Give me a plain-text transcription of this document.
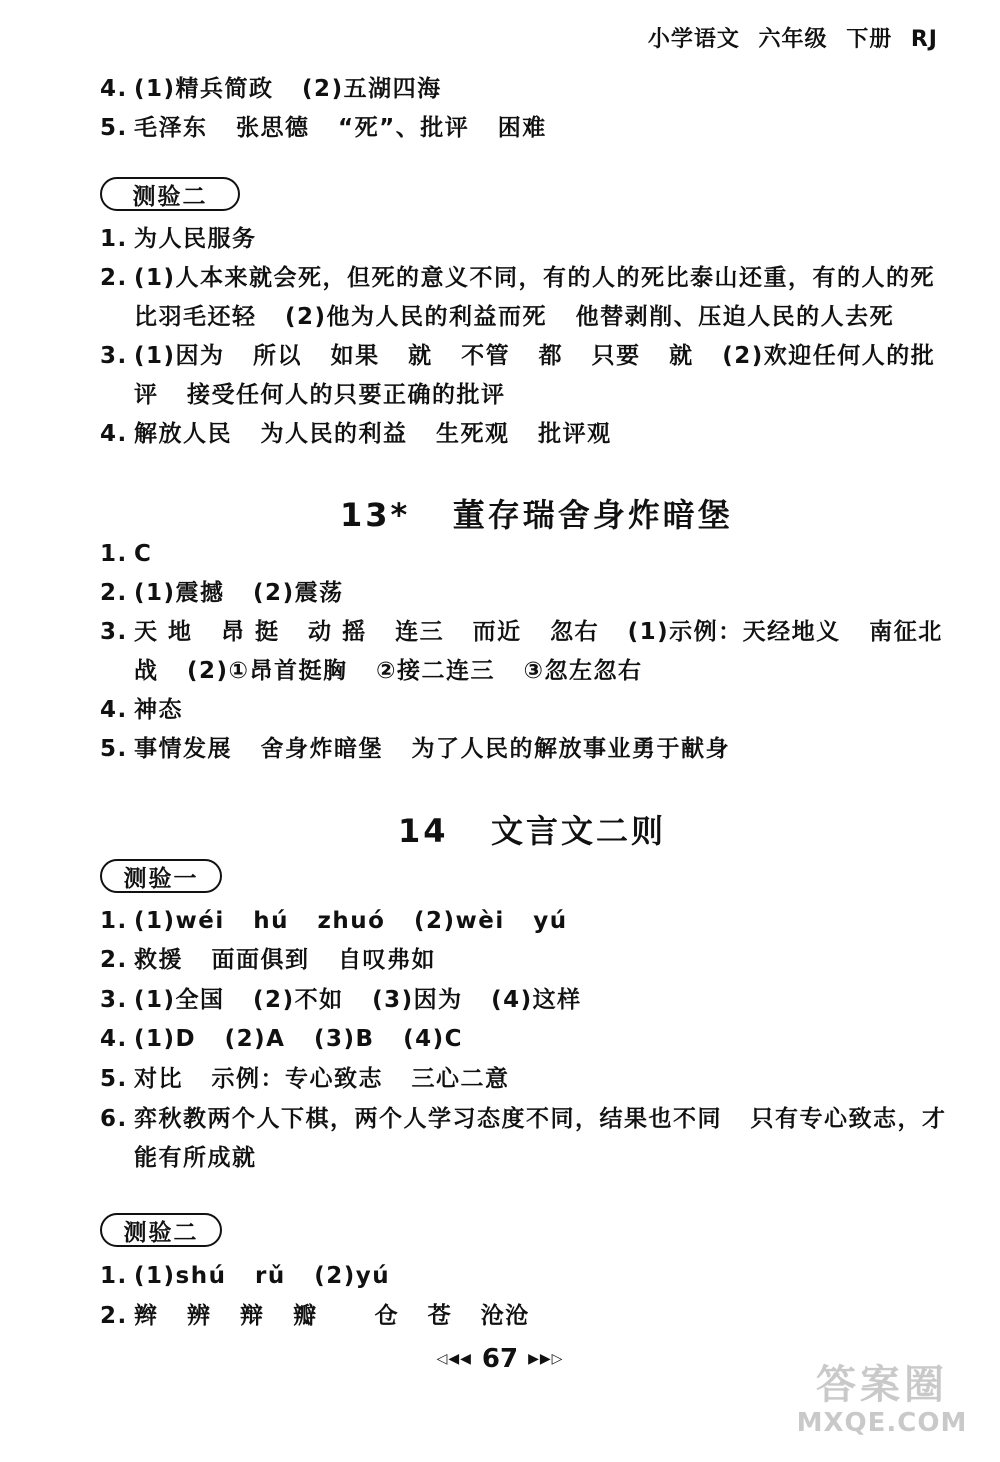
小学语文 六年级 下册 RJ
4. (1)精兵简政   (2)五湖四海
5. 毛泽东   张思德   “死”、批评   困难
测验二
1. 为人民服务
2. (1)人本来就会死，但死的意义不同，有的人的死比泰山还重，有的人的死
比羽毛还轻   (2)他为人民的利益而死   他替剥削、压迫人民的人去死
3. (1)因为   所以   如果   就   不管   都   只要   就   (2)欢迎任何人的批
评   接受任何人的只要正确的批评
4. 解放人民   为人民的利益   生死观   批评观
13*   董存瑞舍身炸暗堡
1. C
2. (1)震撼   (2)震荡
3. 天 地   昂 挺   动 摇   连三   而近   忽右   (1)示例：天经地义   南征北
战   (2)①昂首挺胸   ②接二连三   ③忽左忽右
4. 神态
5. 事情发展   舍身炸暗堡   为了人民的解放事业勇于献身
14   文言文二则
测验一
1. (1)wéi   hú   zhuó   (2)wèi   yú
2. 救援   面面俱到   自叹弗如
3. (1)全国   (2)不如   (3)因为   (4)这样
4. (1)D   (2)A   (3)B   (4)C
5. 对比   示例：专心致志   三心二意
6. 弈秋教两个人下棋，两个人学习态度不同，结果也不同   只有专心致志，才
能有所成就
测验二
1. (1)shú   rǔ   (2)yú
2. 辫   辨   辩   瓣      仓   苍   沧沧
◁◀◀ 67 ▶▶▷
答案圈
MXQE.COM
